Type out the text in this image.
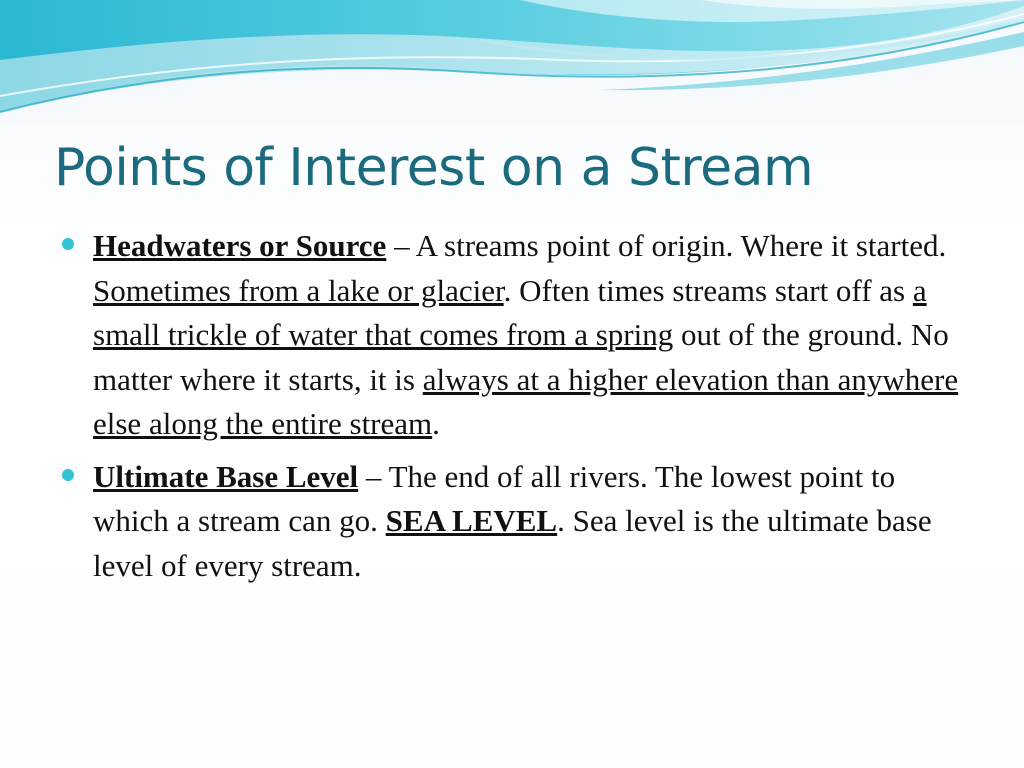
Points of Interest on a Stream
Headwaters or Source – A streams point of origin. Where it started. Sometimes from a lake or glacier. Often times streams start off as a small trickle of water that comes from a spring out of the ground. No matter where it starts, it is always at a higher elevation than anywhere else along the entire stream.
Ultimate Base Level – The end of all rivers. The lowest point to which a stream can go. SEA LEVEL. Sea level is the ultimate base level of every stream.
